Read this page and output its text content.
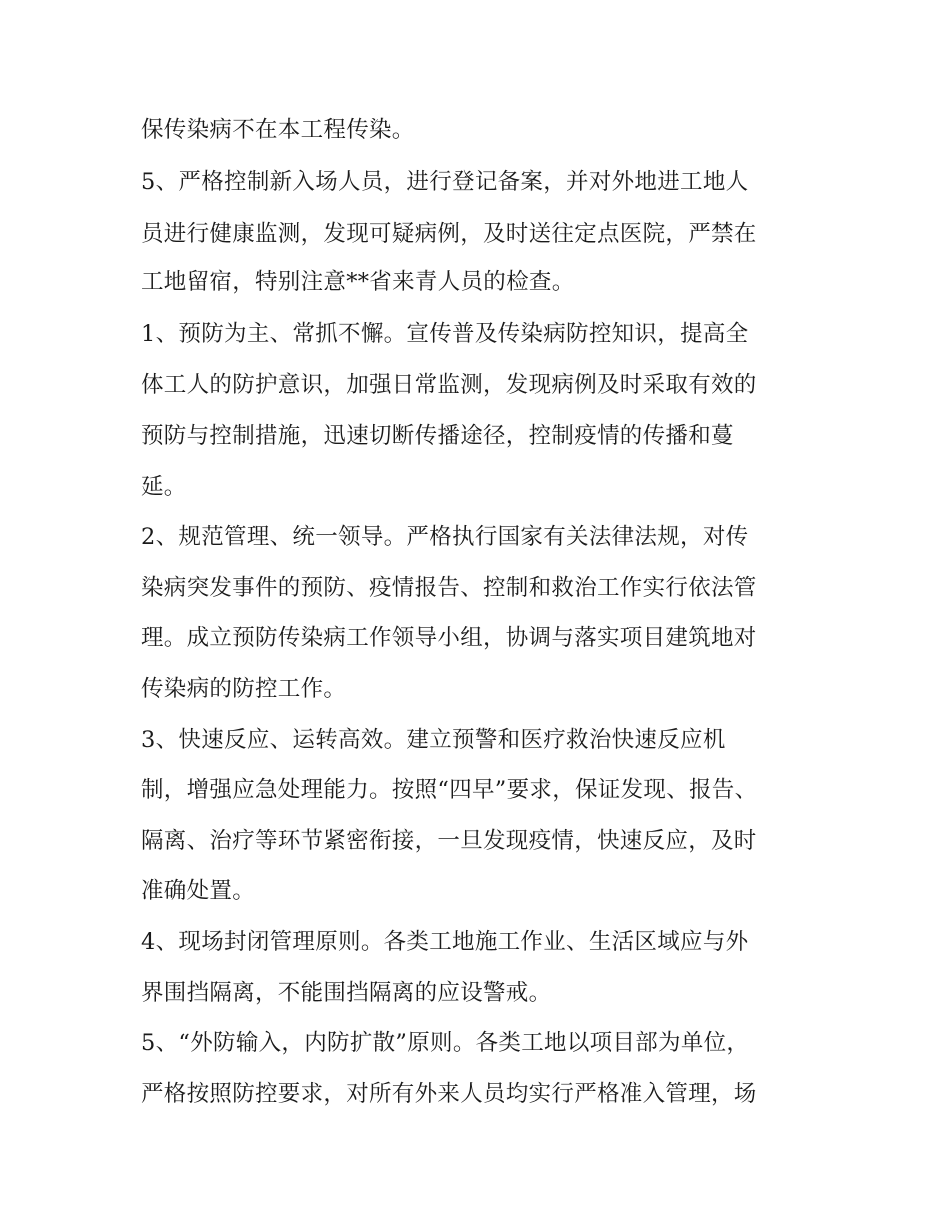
保传染病不在本工程传染。

5、严格控制新入场人员，进行登记备案，并对外地进工地人

员进行健康监测，发现可疑病例，及时送往定点医院，严禁在

工地留宿，特别注意**省来青人员的检查。

1、预防为主、常抓不懈。宣传普及传染病防控知识，提高全

体工人的防护意识，加强日常监测，发现病例及时采取有效的

预防与控制措施，迅速切断传播途径，控制疫情的传播和蔓

延。

2、规范管理、统一领导。严格执行国家有关法律法规，对传

染病突发事件的预防、疫情报告、控制和救治工作实行依法管

理。成立预防传染病工作领导小组，协调与落实项目建筑地对

传染病的防控工作。

3、快速反应、运转高效。建立预警和医疗救治快速反应机

制，增强应急处理能力。按照“四早”要求，保证发现、报告、

隔离、治疗等环节紧密衔接，一旦发现疫情，快速反应，及时

准确处置。

4、现场封闭管理原则。各类工地施工作业、生活区域应与外

界围挡隔离，不能围挡隔离的应设警戒。

5、“外防输入，内防扩散”原则。各类工地以项目部为单位，

严格按照防控要求，对所有外来人员均实行严格准入管理，场
